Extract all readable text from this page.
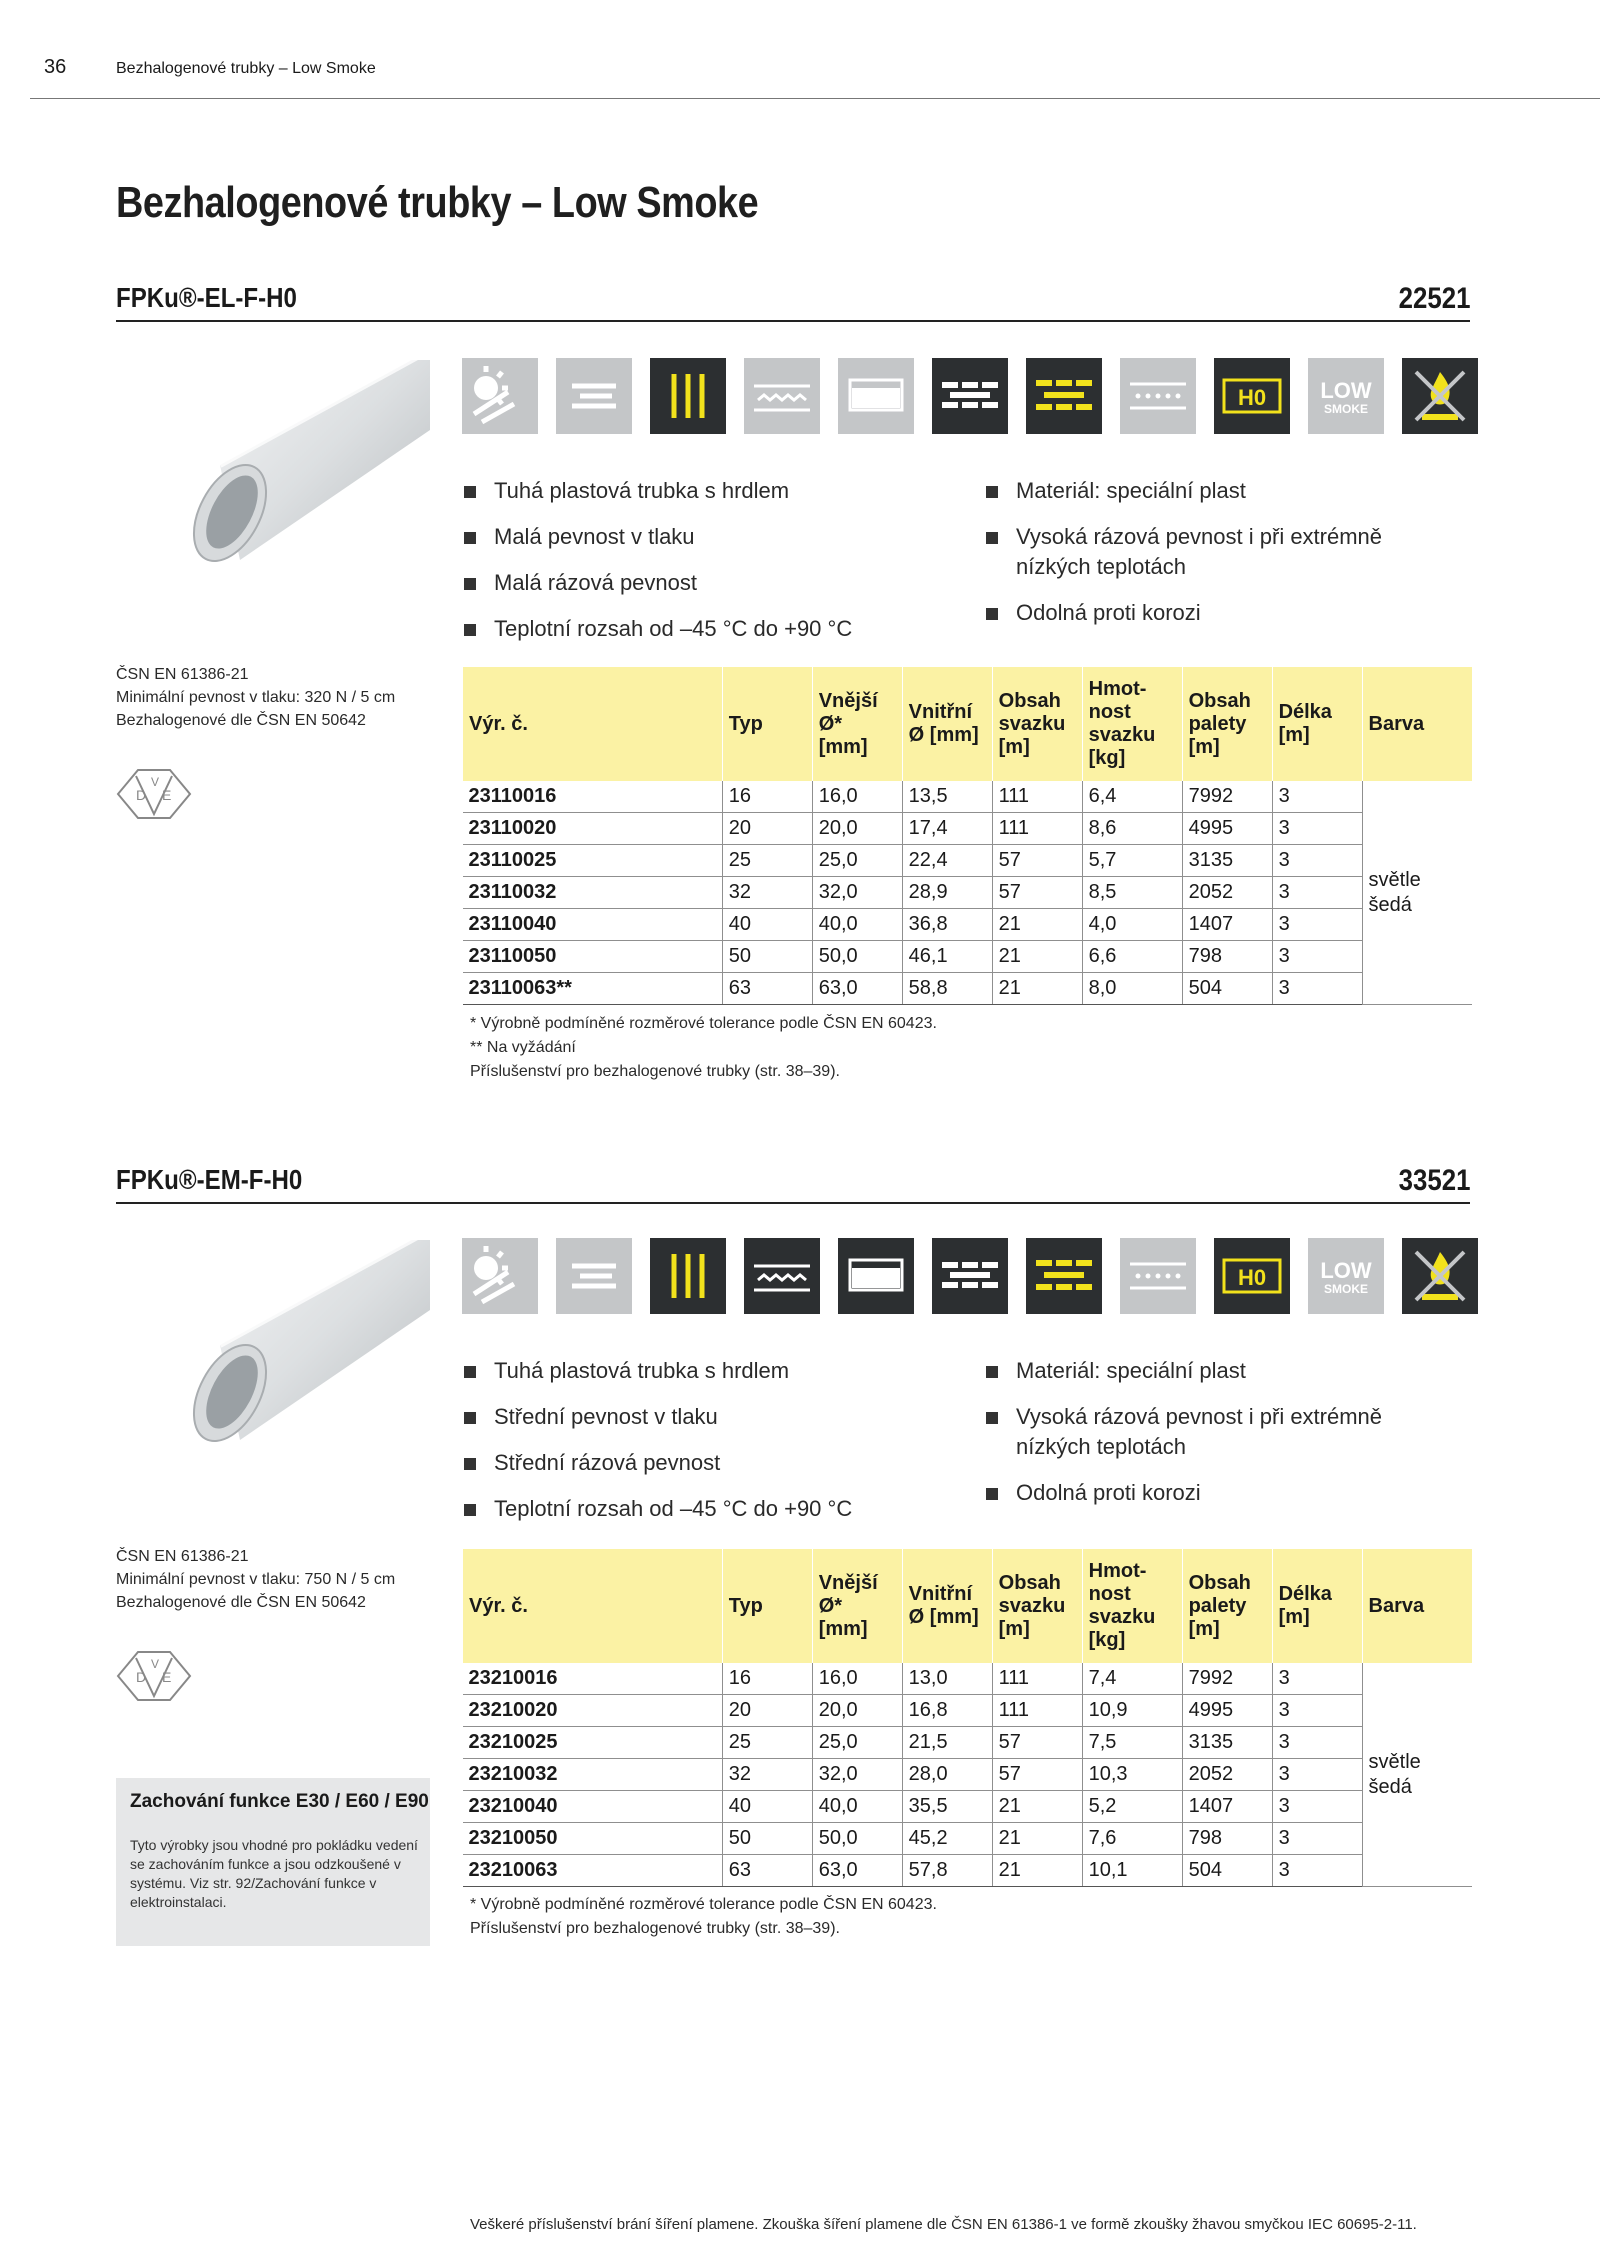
36	Bezhalogenové trubky – Low Smoke
Bezhalogenové trubky – Low Smoke
FPKu®-EL-F-H0	22521
H0 LOW
SMOKE
Tuhá plastová trubka s hrdlem
Malá pevnost v tlaku
Malá rázová pevnost
Teplotní rozsah od –45 °C do +90 °C
Materiál: speciální plast
Vysoká rázová pevnost i při extrémně nízkých teplotách
Odolná proti korozi
ČSN EN 61386-21
Minimální pevnost v tlaku: 320 N / 5 cm
Bezhalogenové dle ČSN EN 50642
D E
V
Výr. č.	Typ	Vnější Ø* [mm]	Vnitřní Ø [mm]	Obsah svazku [m]	Hmot-nost svazku [kg]	Obsah palety [m]	Délka [m]	Barva
23110016	16	16,0	13,5	111	6,4	7992	3	světle šedá
23110020	20	20,0	17,4	111	8,6	4995	3	
23110025	25	25,0	22,4	57	5,7	3135	3	
23110032	32	32,0	28,9	57	8,5	2052	3	
23110040	40	40,0	36,8	21	4,0	1407	3	
23110050	50	50,0	46,1	21	6,6	798	3	
23110063**	63	63,0	58,8	21	8,0	504	3	
* Výrobně podmíněné rozměrové tolerance podle ČSN EN 60423.
** Na vyžádání
Příslušenství pro bezhalogenové trubky (str. 38–39).
FPKu®-EM-F-H0	33521
H0 LOW
SMOKE
Tuhá plastová trubka s hrdlem
Střední pevnost v tlaku
Střední rázová pevnost
Teplotní rozsah od –45 °C do +90 °C
Materiál: speciální plast
Vysoká rázová pevnost i při extrémně nízkých teplotách
Odolná proti korozi
ČSN EN 61386-21
Minimální pevnost v tlaku: 750 N / 5 cm
Bezhalogenové dle ČSN EN 50642
D E
V
Zachování funkce E30 / E60 / E90
Tyto výrobky jsou vhodné pro pokládku vedení se zachováním funkce a jsou odzkoušené v systému. Viz str. 92/Zachování funkce v elektroinstalaci.
Výr. č.	Typ	Vnější Ø* [mm]	Vnitřní Ø [mm]	Obsah svazku [m]	Hmot-nost svazku [kg]	Obsah palety [m]	Délka [m]	Barva
23210016	16	16,0	13,0	111	7,4	7992	3	světle šedá
23210020	20	20,0	16,8	111	10,9	4995	3	
23210025	25	25,0	21,5	57	7,5	3135	3	
23210032	32	32,0	28,0	57	10,3	2052	3	
23210040	40	40,0	35,5	21	5,2	1407	3	
23210050	50	50,0	45,2	21	7,6	798	3	
23210063	63	63,0	57,8	21	10,1	504	3	
* Výrobně podmíněné rozměrové tolerance podle ČSN EN 60423.
Příslušenství pro bezhalogenové trubky (str. 38–39).
Veškeré příslušenství brání šíření plamene. Zkouška šíření plamene dle ČSN EN 61386-1 ve formě zkoušky žhavou smyčkou IEC 60695-2-11.
